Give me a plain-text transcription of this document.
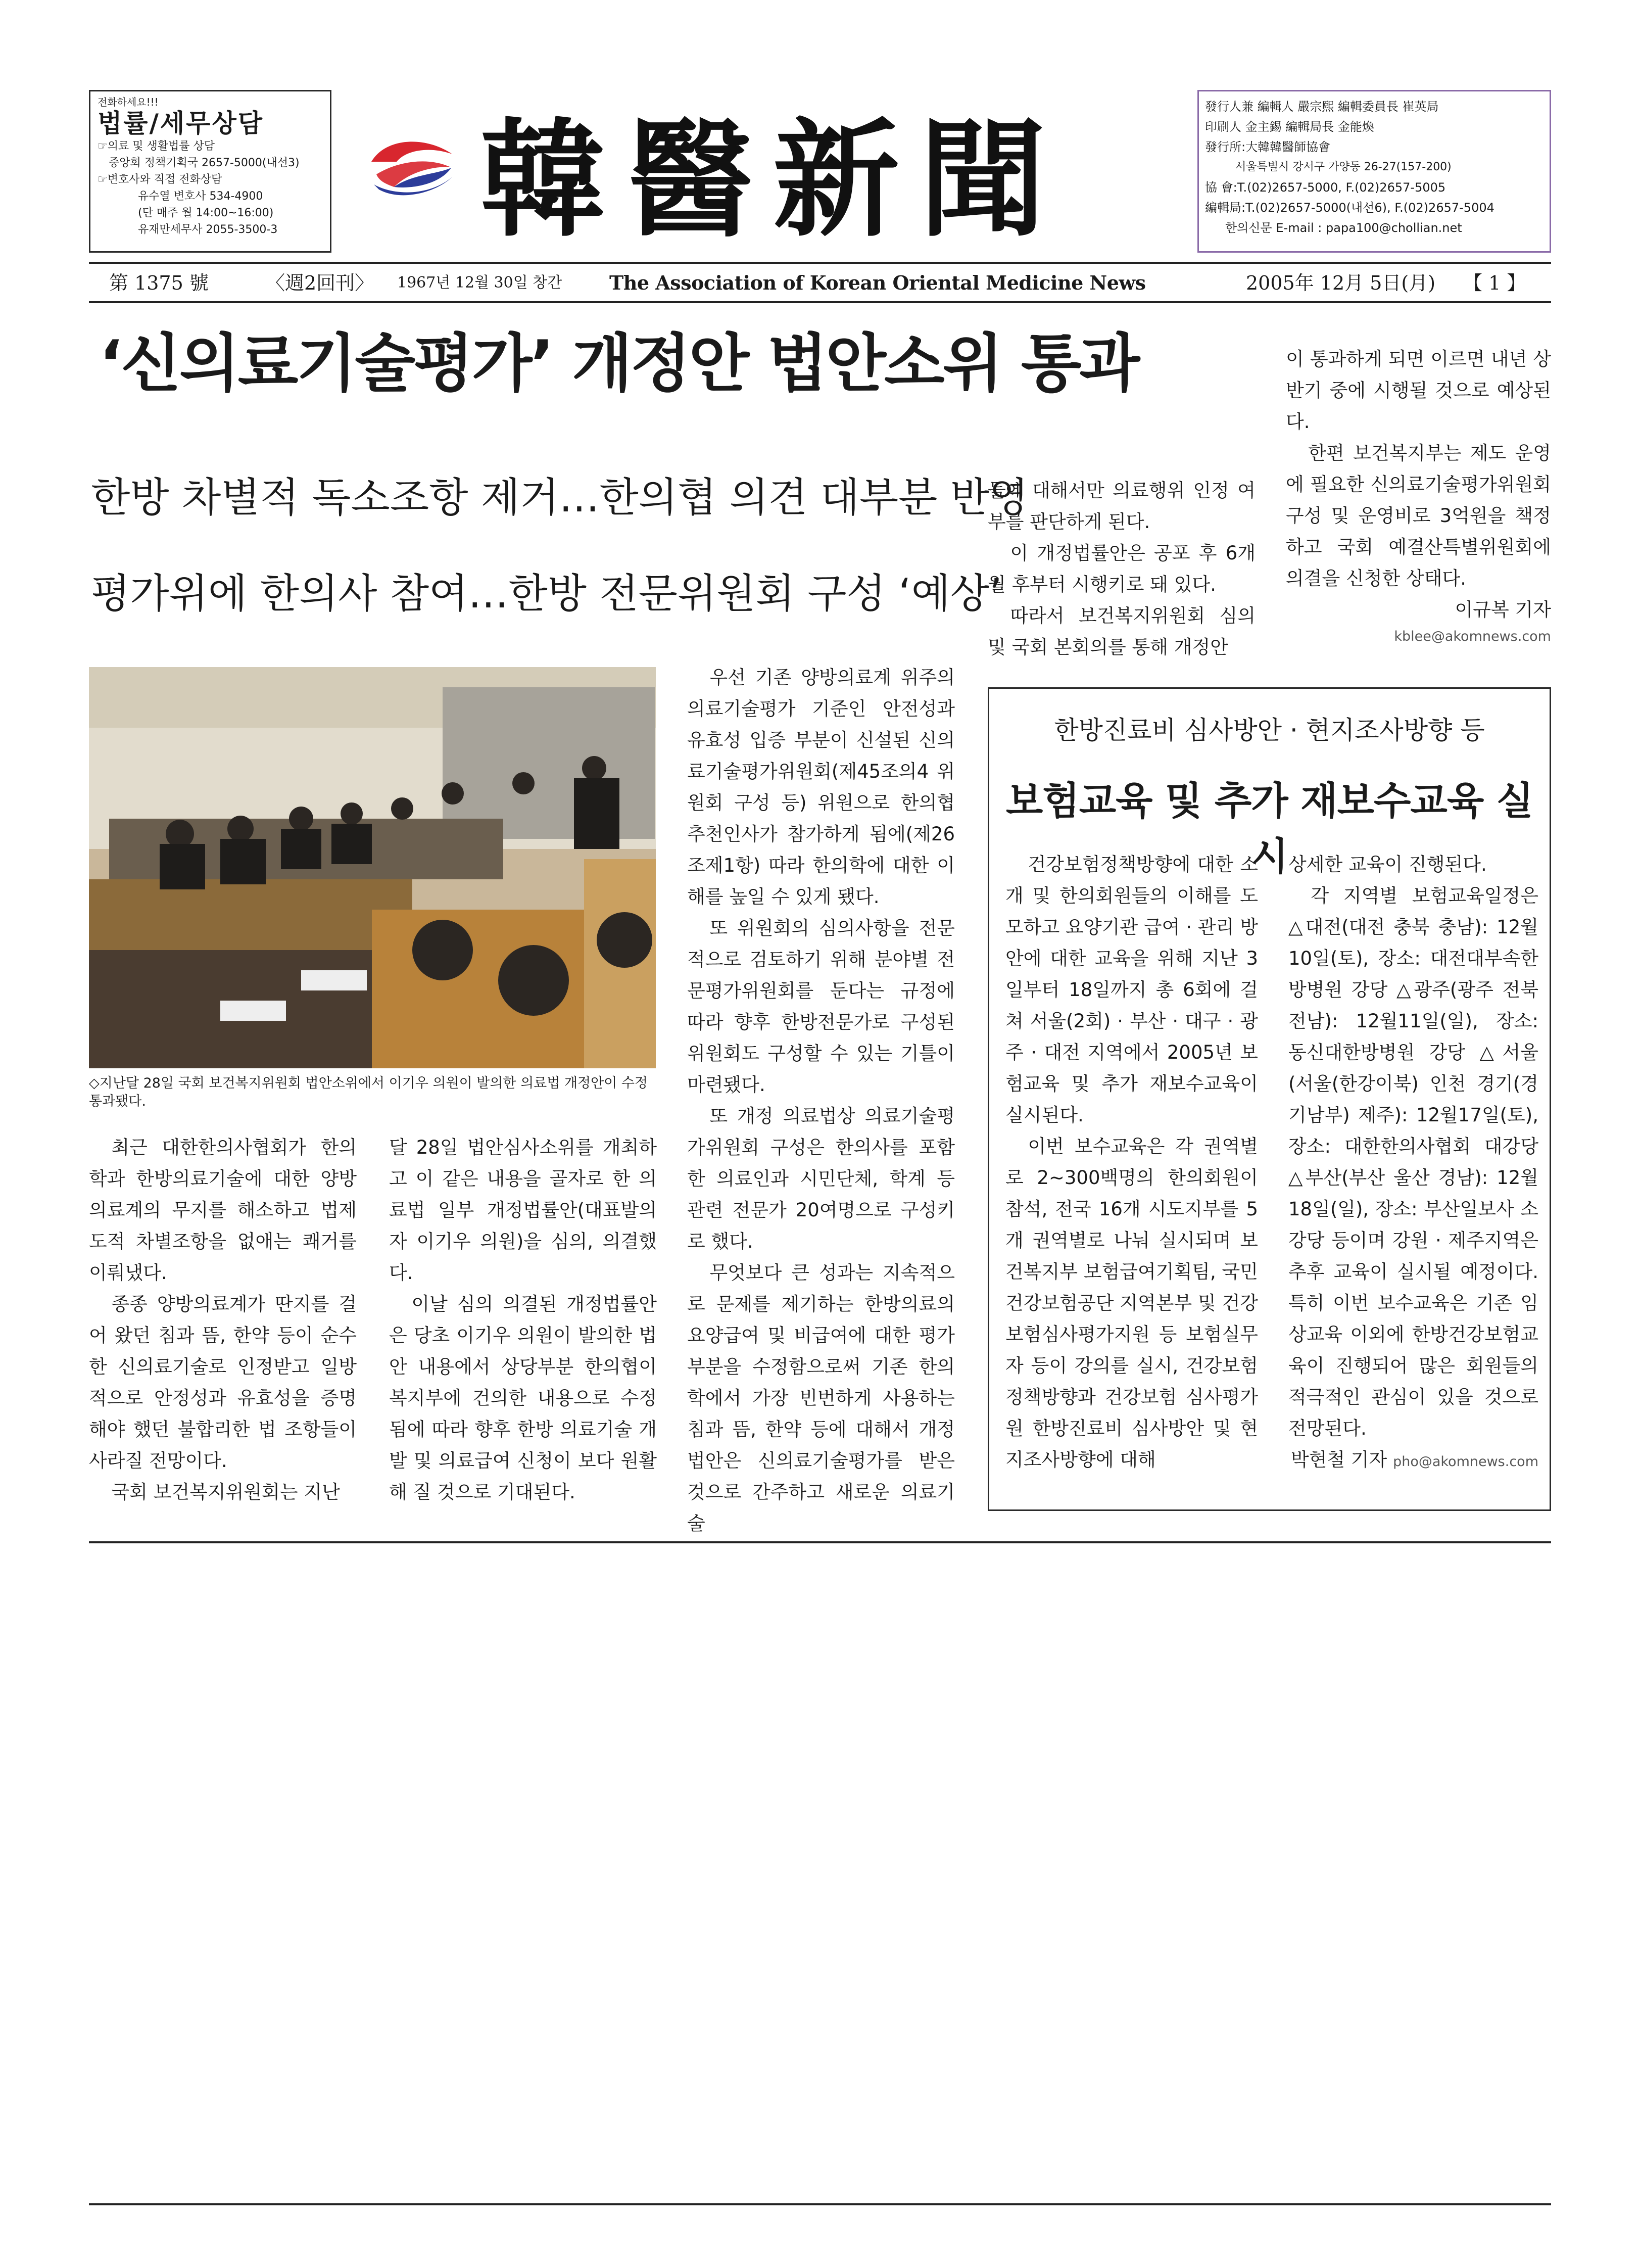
전화하세요!!!
법률/세무상담
☞의료 및 생활법률 상담
중앙회 정책기획국 2657-5000(내선3)
☞변호사와 직접 전화상담
유수열 변호사 534-4900
(단 매주 월 14:00~16:00)
유재만세무사 2055-3500-3	韓醫新聞	發行人兼 編輯人 嚴宗熙 編輯委員長 崔英局
印刷人 金主錫 編輯局長 金能煥
發行所:大韓韓醫師協會
서울특별시 강서구 가양동 26-27(157-200)
協 會:T.(02)2657-5000, F.(02)2657-5005
編輯局:T.(02)2657-5000(내선6), F.(02)2657-5004
한의신문 E-mail : papa100@chollian.net
第 1375 號	〈週2回刊〉 1967년 12월 30일 창간 The Association of Korean Oriental Medicine News	2005年 12月 5日(月) 【 1 】
‘신의료기술평가’ 개정안 법안소위 통과
한방 차별적 독소조항 제거…한의협 의견 대부분 반영
평가위에 한의사 참여…한방 전문위원회 구성 ‘예상’
◇지난달 28일 국회 보건복지위원회 법안소위에서 이기우 의원이 발의한 의료법 개정안이 수정 통과됐다.

최근 대한한의사협회가 한의학과 한방의료기술에 대한 양방의료계의 무지를 해소하고 법제도적 차별조항을 없애는 쾌거를 이뤄냈다.

종종 양방의료계가 딴지를 걸어 왔던 침과 뜸, 한약 등이 순수한 신의료기술로 인정받고 일방적으로 안정성과 유효성을 증명해야 했던 불합리한 법 조항들이 사라질 전망이다.

국회 보건복지위원회는 지난

달 28일 법안심사소위를 개최하고 이 같은 내용을 골자로 한 의료법 일부 개정법률안(대표발의자 이기우 의원)을 심의, 의결했다.

이날 심의 의결된 개정법률안은 당초 이기우 의원이 발의한 법안 내용에서 상당부분 한의협이 복지부에 건의한 내용으로 수정됨에 따라 향후 한방 의료기술 개발 및 의료급여 신청이 보다 원활해 질 것으로 기대된다.

우선 기존 양방의료계 위주의 의료기술평가 기준인 안전성과 유효성 입증 부분이 신설된 신의료기술평가위원회(제45조의4 위원회 구성 등) 위원으로 한의협 추천인사가 참가하게 됨에(제26조제1항) 따라 한의학에 대한 이해를 높일 수 있게 됐다.

또 위원회의 심의사항을 전문적으로 검토하기 위해 분야별 전문평가위원회를 둔다는 규정에 따라 향후 한방전문가로 구성된 위원회도 구성할 수 있는 기틀이 마련됐다.

또 개정 의료법상 의료기술평가위원회 구성은 한의사를 포함한 의료인과 시민단체, 학계 등 관련 전문가 20여명으로 구성키로 했다.

무엇보다 큰 성과는 지속적으로 문제를 제기하는 한방의료의 요양급여 및 비급여에 대한 평가부분을 수정함으로써 기존 한의학에서 가장 빈번하게 사용하는 침과 뜸, 한약 등에 대해서 개정법안은 신의료기술평가를 받은 것으로 간주하고 새로운 의료기술

들에 대해서만 의료행위 인정 여부를 판단하게 된다.

이 개정법률안은 공포 후 6개월 후부터 시행키로 돼 있다.

따라서 보건복지위원회 심의 및 국회 본회의를 통해 개정안

이 통과하게 되면 이르면 내년 상반기 중에 시행될 것으로 예상된다.

한편 보건복지부는 제도 운영에 필요한 신의료기술평가위원회 구성 및 운영비로 3억원을 책정하고 국회 예결산특별위원회에 의결을 신청한 상태다.

이규복 기자
kblee@akomnews.com
한방진료비 심사방안 · 현지조사방향 등
보험교육 및 추가 재보수교육 실시

건강보험정책방향에 대한 소개 및 한의회원들의 이해를 도모하고 요양기관 급여 · 관리 방안에 대한 교육을 위해 지난 3일부터 18일까지 총 6회에 걸쳐 서울(2회) · 부산 · 대구 · 광주 · 대전 지역에서 2005년 보험교육 및 추가 재보수교육이 실시된다.

이번 보수교육은 각 권역별로 2~300백명의 한의회원이 참석, 전국 16개 시도지부를 5개 권역별로 나눠 실시되며 보건복지부 보험급여기획팀, 국민건강보험공단 지역본부 및 건강보험심사평가지원 등 보험실무자 등이 강의를 실시, 건강보험 정책방향과 건강보험 심사평가원 한방진료비 심사방안 및 현지조사방향에 대해

상세한 교육이 진행된다.

각 지역별 보험교육일정은 △대전(대전 충북 충남): 12월 10일(토), 장소: 대전대부속한방병원 강당 △광주(광주 전북 전남): 12월11일(일), 장소: 동신대한방병원 강당 △서울(서울(한강이북) 인천 경기(경기남부) 제주): 12월17일(토), 장소: 대한한의사협회 대강당 △부산(부산 울산 경남): 12월18일(일), 장소: 부산일보사 소강당 등이며 강원 · 제주지역은 추후 교육이 실시될 예정이다. 특히 이번 보수교육은 기존 임상교육 이외에 한방건강보험교육이 진행되어 많은 회원들의 적극적인 관심이 있을 것으로 전망된다.

박현철 기자 pho@akomnews.com
